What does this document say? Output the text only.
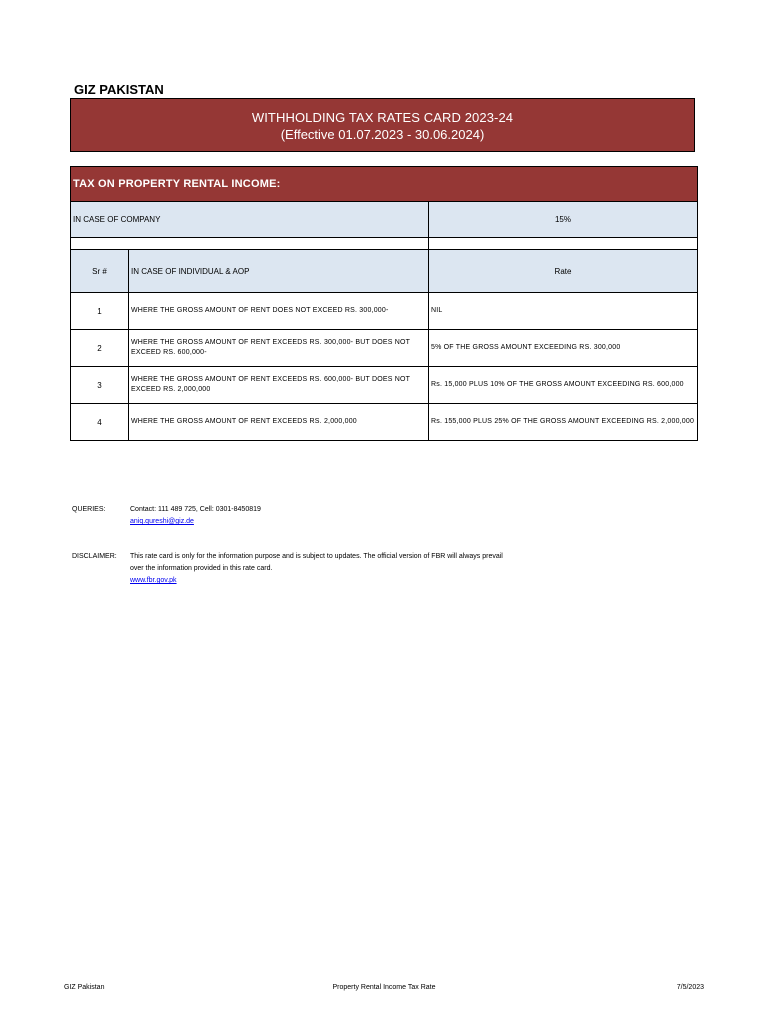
GIZ PAKISTAN
WITHHOLDING TAX RATES CARD 2023-24
(Effective 01.07.2023 - 30.06.2024)
TAX ON PROPERTY RENTAL INCOME:		
IN CASE OF COMPANY		15%

Sr #	IN CASE OF INDIVIDUAL & AOP	Rate
1	WHERE THE GROSS AMOUNT OF RENT DOES NOT EXCEED RS. 300,000-	NIL
2	WHERE THE GROSS AMOUNT OF RENT EXCEEDS RS. 300,000- BUT DOES NOT EXCEED RS. 600,000-	5% OF THE GROSS AMOUNT EXCEEDING RS. 300,000
3	WHERE THE GROSS AMOUNT OF RENT EXCEEDS RS. 600,000- BUT DOES NOT EXCEED RS. 2,000,000	Rs. 15,000 PLUS 10% OF THE GROSS AMOUNT EXCEEDING RS. 600,000
4	WHERE THE GROSS AMOUNT OF RENT EXCEEDS RS. 2,000,000	Rs. 155,000 PLUS 25% OF THE GROSS AMOUNT EXCEEDING RS. 2,000,000
QUERIES:	Contact: 111 489 725, Cell: 0301-8450819
aniq.qureshi@giz.de
DISCLAIMER: This rate card is only for the information purpose and is subject to updates. The official version of FBR will always prevail
over the information provided in this rate card.
www.fbr.gov.pk
GIZ Pakistan	Property Rental Income Tax Rate	7/5/2023
